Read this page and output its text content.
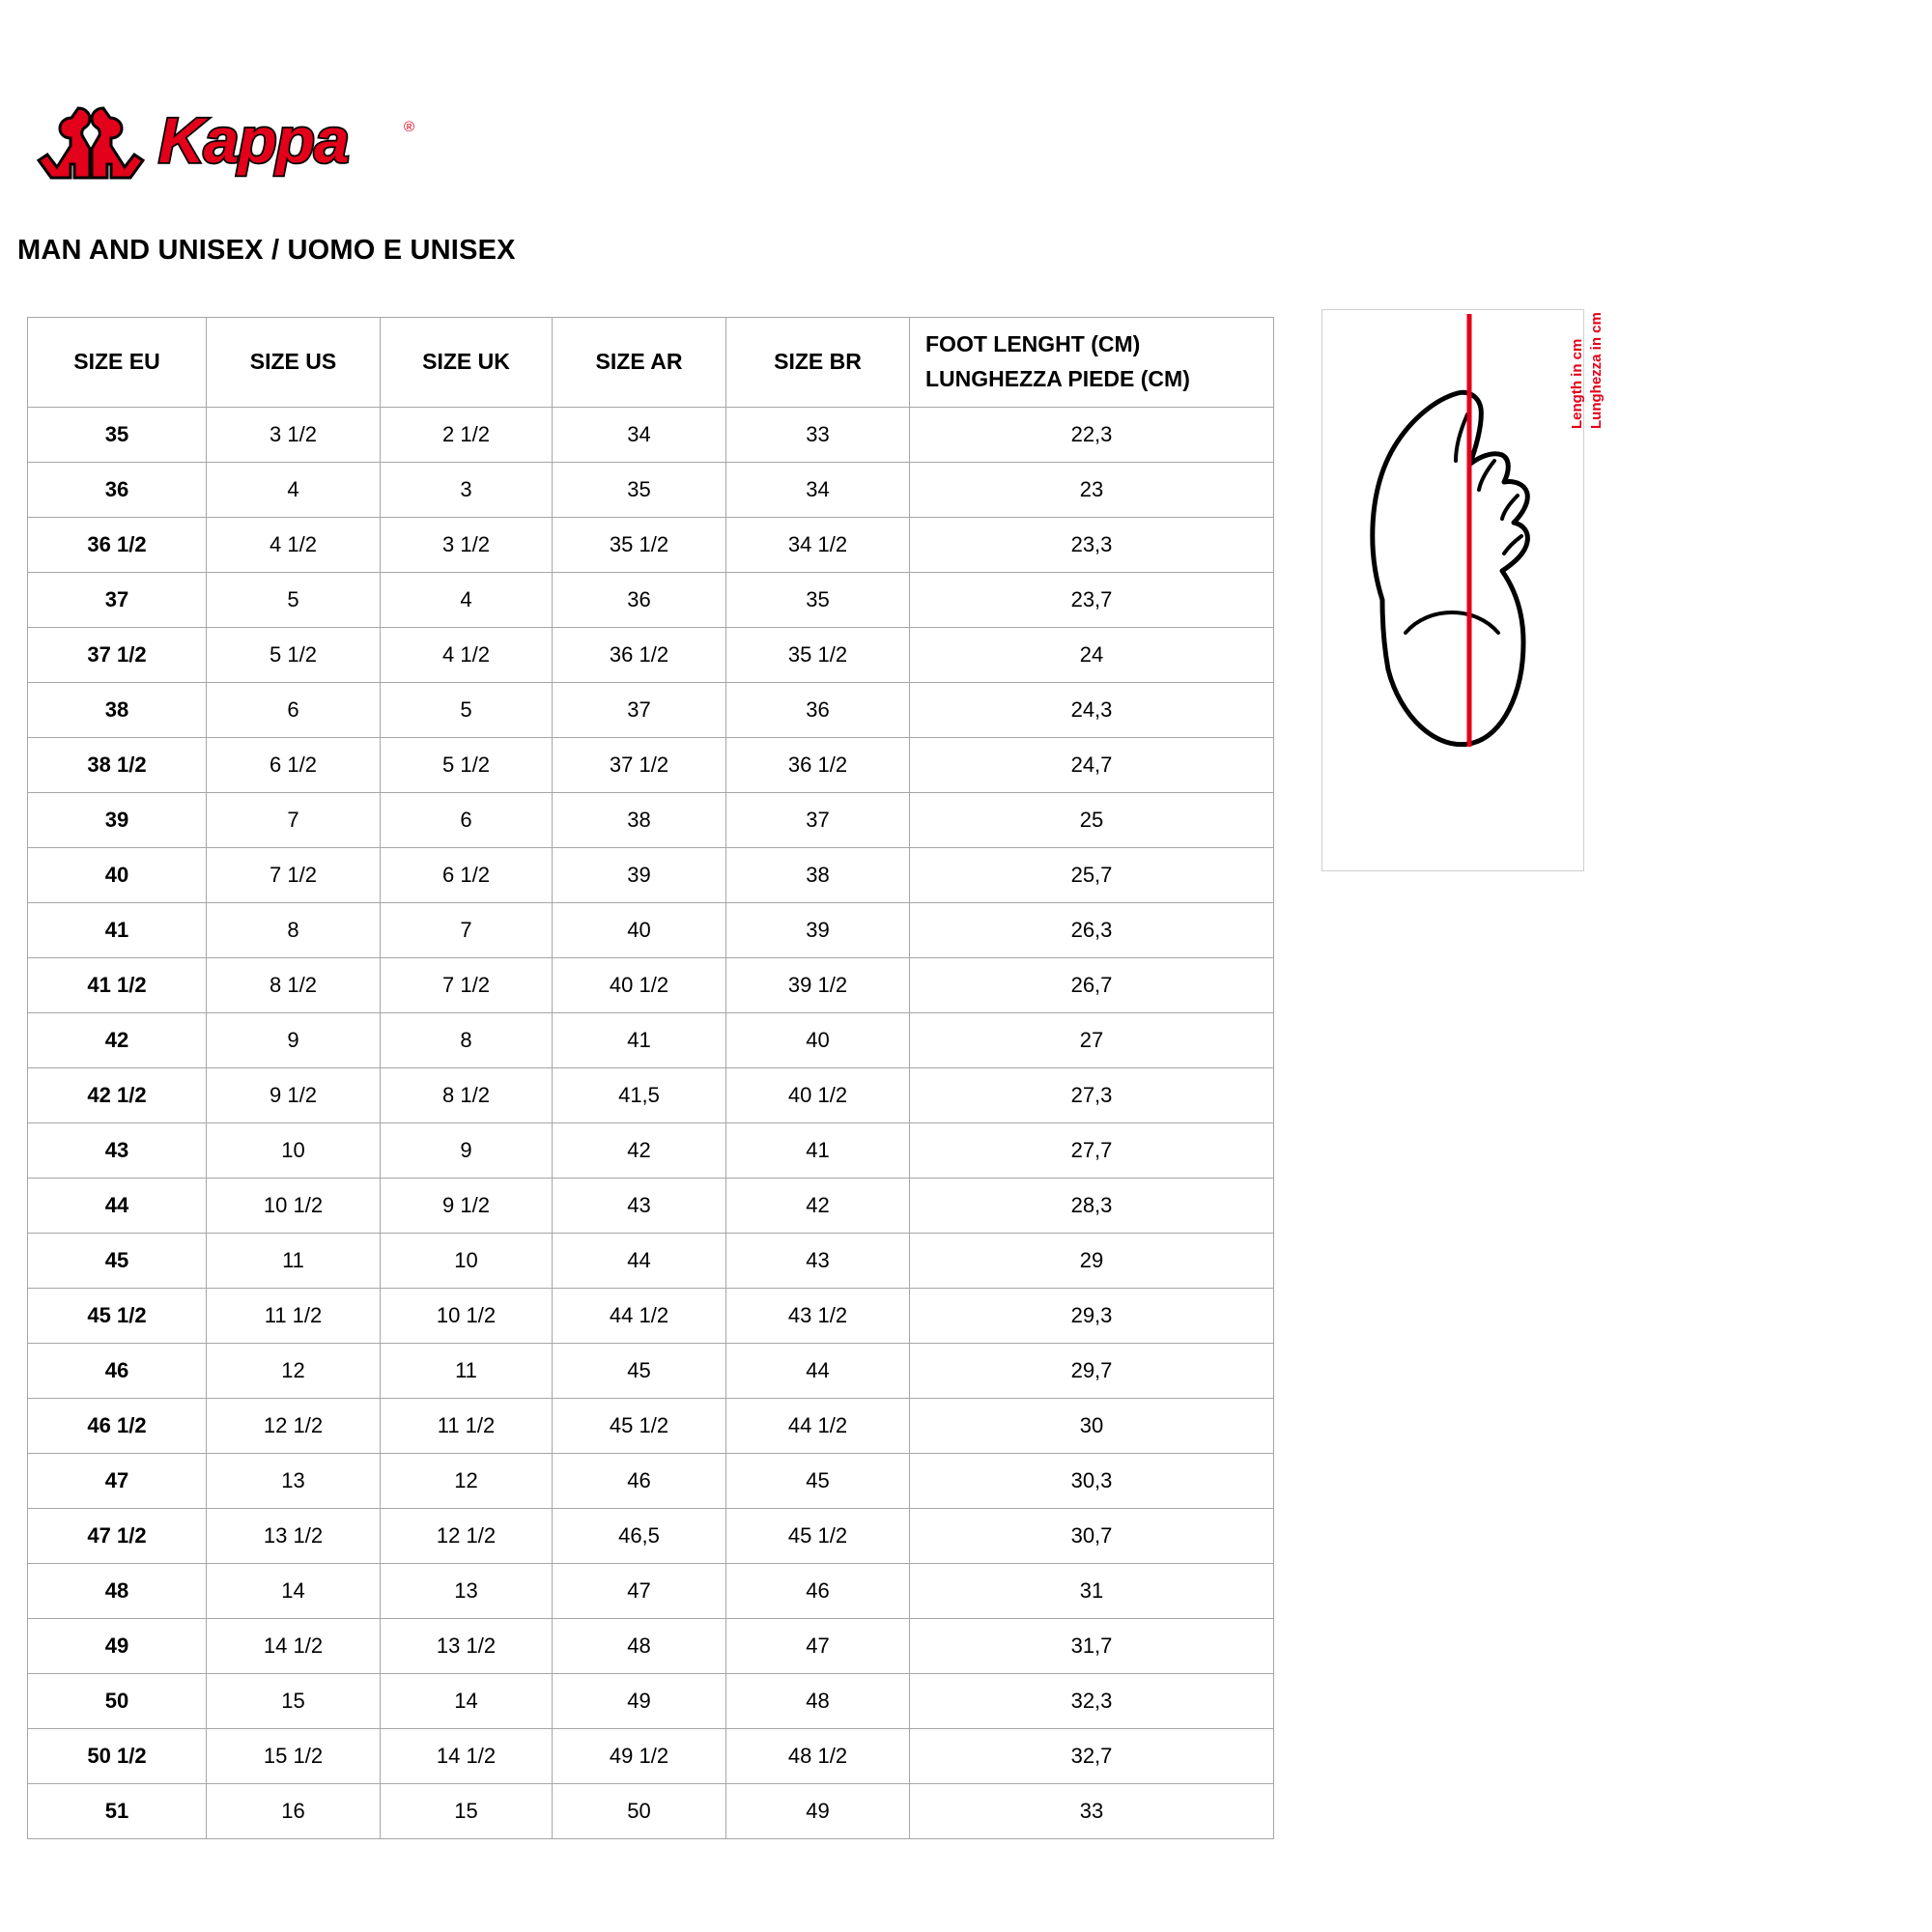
Kappa	®
MAN AND UNISEX / UOMO E UNISEX
SIZE EU	SIZE US	SIZE UK	SIZE AR	SIZE BR	FOOT LENGHT (CM)
LUNGHEZZA PIEDE (CM)

35	3 1/2	2 1/2	34	33	22,3
36	4	3	35	34	23
36 1/2	4 1/2	3 1/2	35 1/2	34 1/2	23,3
37	5	4	36	35	23,7
37 1/2	5 1/2	4 1/2	36 1/2	35 1/2	24
38	6	5	37	36	24,3
38 1/2	6 1/2	5 1/2	37 1/2	36 1/2	24,7
39	7	6	38	37	25
40	7 1/2	6 1/2	39	38	25,7
41	8	7	40	39	26,3
41 1/2	8 1/2	7 1/2	40 1/2	39 1/2	26,7
42	9	8	41	40	27
42 1/2	9 1/2	8 1/2	41,5	40 1/2	27,3
43	10	9	42	41	27,7
44	10 1/2	9 1/2	43	42	28,3
45	11	10	44	43	29
45 1/2	11 1/2	10 1/2	44 1/2	43 1/2	29,3
46	12	11	45	44	29,7
46 1/2	12 1/2	11 1/2	45 1/2	44 1/2	30
47	13	12	46	45	30,3
47 1/2	13 1/2	12 1/2	46,5	45 1/2	30,7
48	14	13	47	46	31
49	14 1/2	13 1/2	48	47	31,7
50	15	14	49	48	32,3
50 1/2	15 1/2	14 1/2	49 1/2	48 1/2	32,7
51	16	15	50	49	33
Length in cm Lunghezza in cm
